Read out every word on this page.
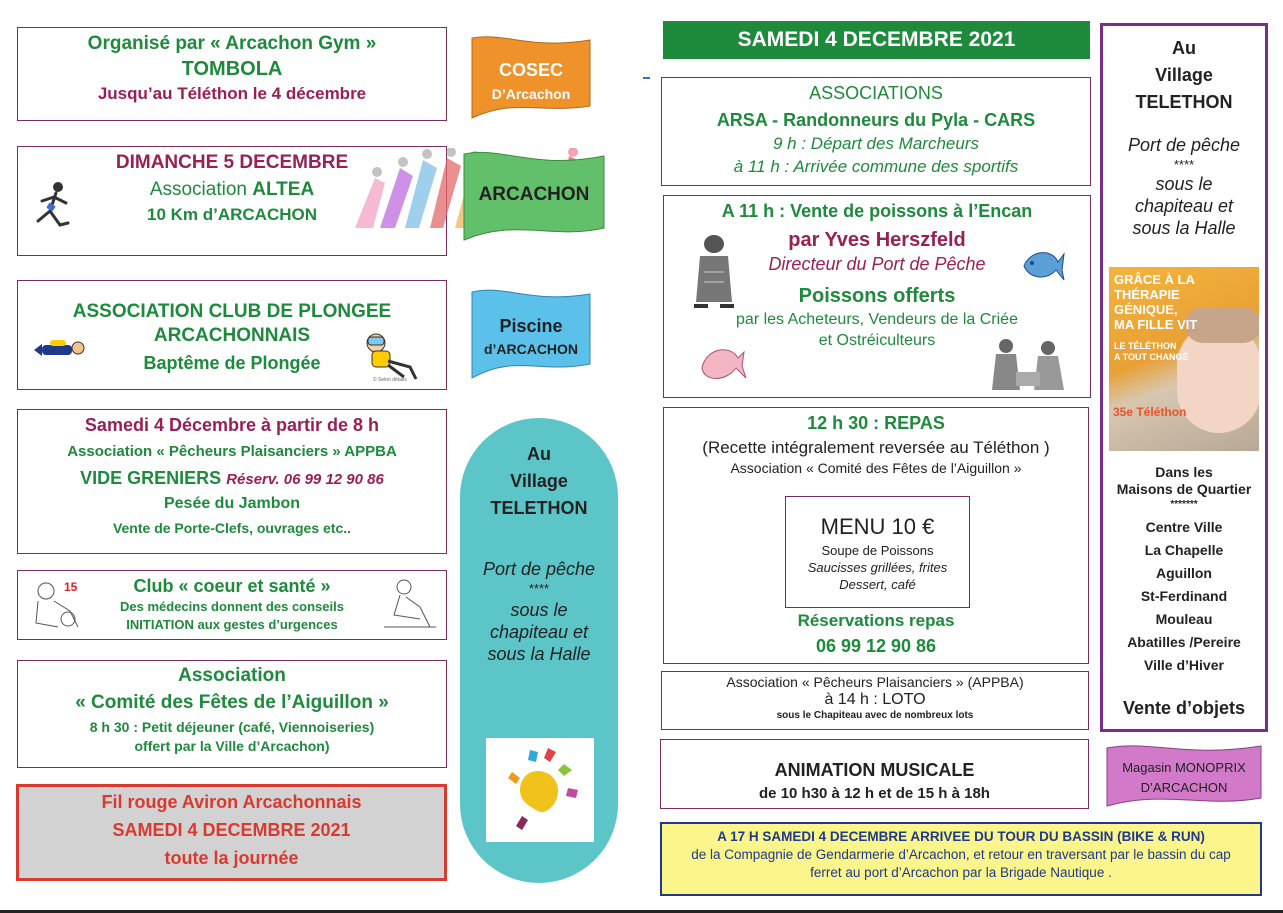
Organisé par « Arcachon Gym »
TOMBOLA
Jusqu’au Téléthon le 4 décembre
DIMANCHE 5 DECEMBRE
Association ALTEA
10 Km d’ARCACHON
ASSOCIATION CLUB DE PLONGEE
ARCACHONNAIS
Baptême de Plongée
© Selon détails
Samedi 4 Décembre à partir de 8 h
Association « Pêcheurs Plaisanciers » APPBA
VIDE GRENIERS Réserv. 06 99 12 90 86
Pesée du Jambon
Vente de Porte-Clefs, ouvrages etc..
15	Club « coeur et santé »
Des médecins donnent des conseils
INITIATION aux gestes d’urgences
Association
« Comité des Fêtes de l’Aiguillon »
8 h 30 : Petit déjeuner (café, Viennoiseries)
offert par la Ville d’Arcachon)
Fil rouge Aviron Arcachonnais
SAMEDI 4 DECEMBRE 2021
toute la journée
COSEC
D’Arcachon
ARCACHON
Piscine
d’ARCACHON
Magasin MONOPRIX
D’ARCACHON
Au
Village
TELETHON
Port de pêche
****
sous le
chapiteau et
sous la Halle
SAMEDI 4 DECEMBRE 2021
ASSOCIATIONS
ARSA - Randonneurs du Pyla - CARS
9 h : Départ des Marcheurs
à 11 h : Arrivée commune des sportifs
A 11 h : Vente de poissons à l’Encan
par Yves Herszfeld
Directeur du Port de Pêche
Poissons offerts
par les Acheteurs, Vendeurs de la Criée
et Ostréiculteurs
12 h 30 : REPAS
(Recette intégralement reversée au Téléthon )
Association « Comité des Fêtes de l’Aiguillon »
MENU 10 €
Soupe de Poissons
Saucisses grillées, frites
Dessert, café
Réservations repas
06 99 12 90 86
Association « Pêcheurs Plaisanciers » (APPBA)
à 14 h : LOTO
sous le Chapiteau avec de nombreux lots
ANIMATION MUSICALE
de 10 h30 à 12 h et de 15 h à 18h
A 17 H SAMEDI 4 DECEMBRE ARRIVEE DU TOUR DU BASSIN (BIKE & RUN)
de la Compagnie de Gendarmerie d’Arcachon, et retour en traversant par le bassin du cap
ferret au port d’Arcachon par la Brigade Nautique .
Au
Village
TELETHON
Port de pêche
****
sous le
chapiteau et
sous la Halle
GRÂCE À LA
THÉRAPIE
GÉNIQUE,
MA FILLE VIT
LE TÉLÉTHON
A TOUT CHANGÉ
35e Téléthon
Dans les
Maisons de Quartier
*******
Centre Ville
La Chapelle
Aguillon
St-Ferdinand
Mouleau
Abatilles /Pereire
Ville d’Hiver
Vente d’objets
